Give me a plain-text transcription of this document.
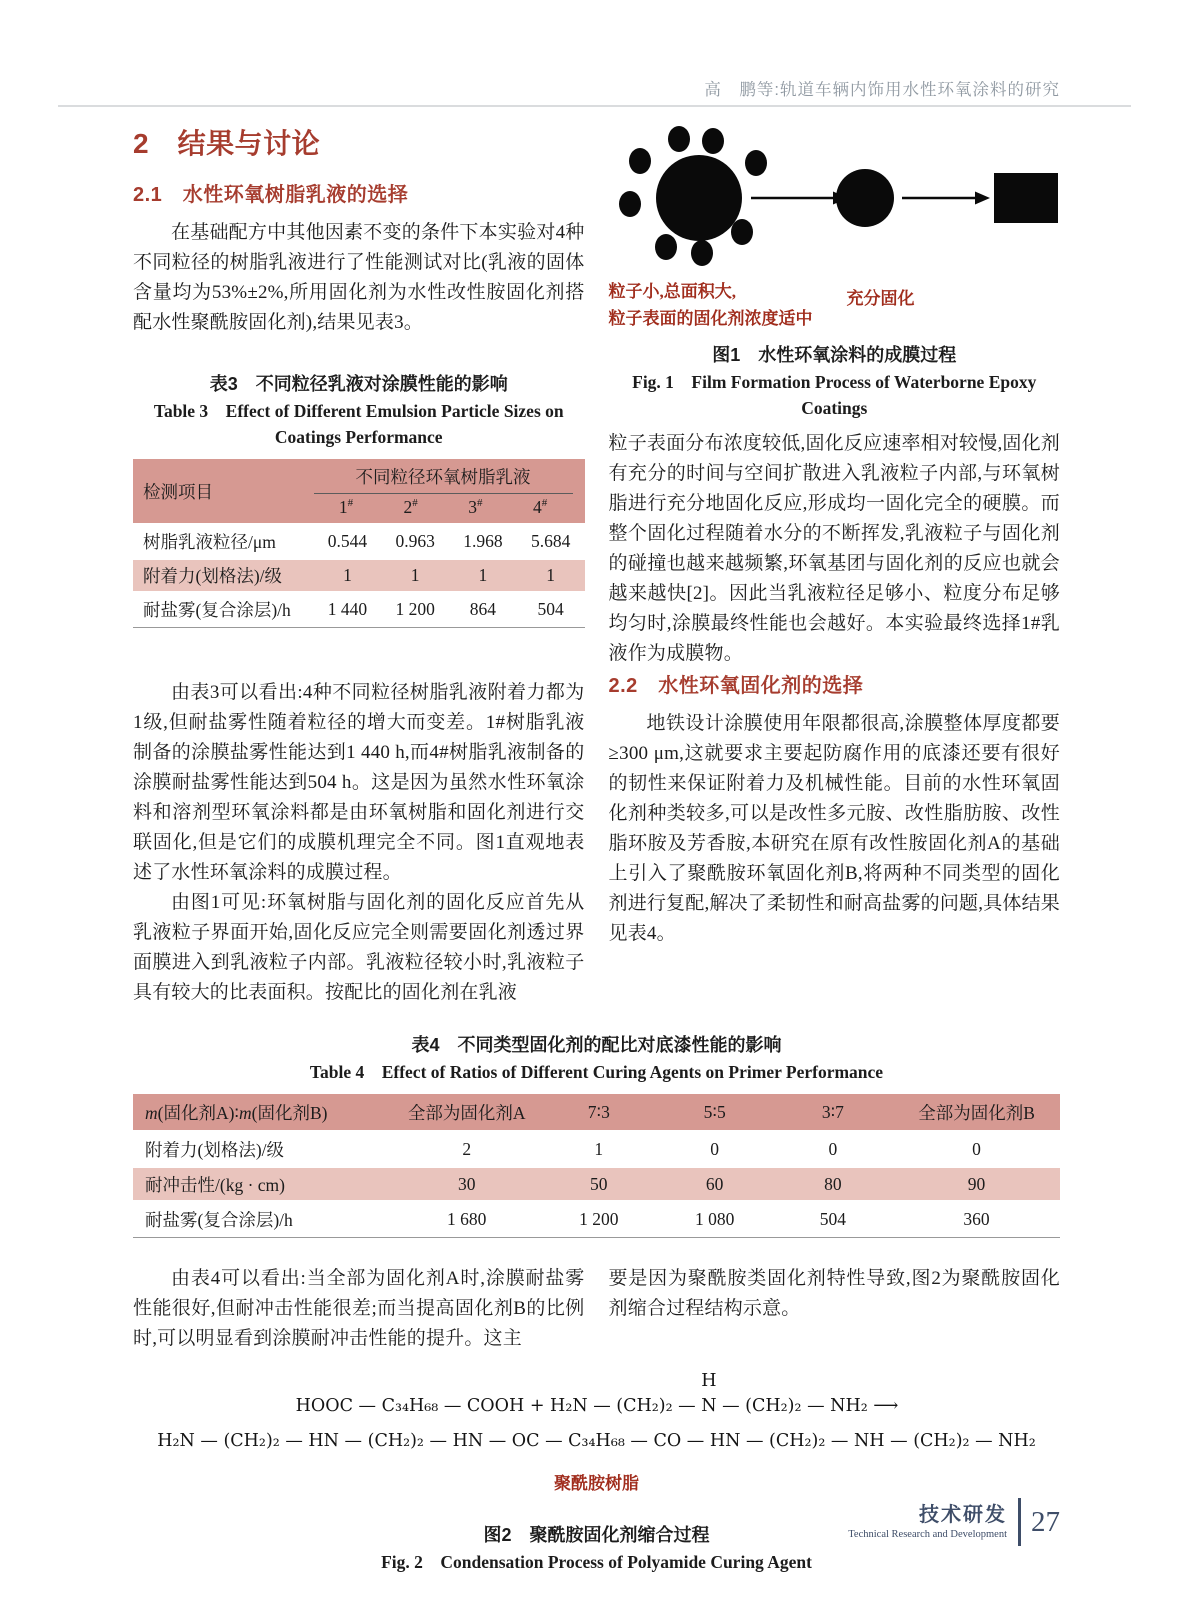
高　鹏等:轨道车辆内饰用水性环氧涂料的研究
2　结果与讨论
2.1　水性环氧树脂乳液的选择

在基础配方中其他因素不变的条件下本实验对4种不同粒径的树脂乳液进行了性能测试对比(乳液的固体含量均为53%±2%,所用固化剂为水性改性胺固化剂搭配水性聚酰胺固化剂),结果见表3。

表3　不同粒径乳液对涂膜性能的影响
Table 3　Effect of Different Emulsion Particle Sizes on
Coatings Performance
检测项目
不同粒径环氧树脂乳液
1#	2#	3#	4#
树脂乳液粒径/μm	0.544	0.963	1.968	5.684
附着力(划格法)/级	1	1	1	1
耐盐雾(复合涂层)/h	1 440	1 200	864	504

由表3可以看出:4种不同粒径树脂乳液附着力都为1级,但耐盐雾性随着粒径的增大而变差。1#树脂乳液制备的涂膜盐雾性能达到1 440 h,而4#树脂乳液制备的涂膜耐盐雾性能达到504 h。这是因为虽然水性环氧涂料和溶剂型环氧涂料都是由环氧树脂和固化剂进行交联固化,但是它们的成膜机理完全不同。图1直观地表述了水性环氧涂料的成膜过程。

由图1可见:环氧树脂与固化剂的固化反应首先从乳液粒子界面开始,固化反应完全则需要固化剂透过界面膜进入到乳液粒子内部。乳液粒径较小时,乳液粒子具有较大的比表面积。按配比的固化剂在乳液

粒子小,总面积大,
粒子表面的固化剂浓度适中
充分固化
图1　水性环氧涂料的成膜过程
Fig. 1　Film Formation Process of Waterborne Epoxy
Coatings

粒子表面分布浓度较低,固化反应速率相对较慢,固化剂有充分的时间与空间扩散进入乳液粒子内部,与环氧树脂进行充分地固化反应,形成均一固化完全的硬膜。而整个固化过程随着水分的不断挥发,乳液粒子与固化剂的碰撞也越来越频繁,环氧基团与固化剂的反应也就会越来越快[2]。因此当乳液粒径足够小、粒度分布足够均匀时,涂膜最终性能也会越好。本实验最终选择1#乳液作为成膜物。

2.2　水性环氧固化剂的选择

地铁设计涂膜使用年限都很高,涂膜整体厚度都要≥300 μm,这就要求主要起防腐作用的底漆还要有很好的韧性来保证附着力及机械性能。目前的水性环氧固化剂种类较多,可以是改性多元胺、改性脂肪胺、改性脂环胺及芳香胺,本研究在原有改性胺固化剂A的基础上引入了聚酰胺环氧固化剂B,将两种不同类型的固化剂进行复配,解决了柔韧性和耐高盐雾的问题,具体结果见表4。

表4　不同类型固化剂的配比对底漆性能的影响
Table 4　Effect of Ratios of Different Curing Agents on Primer Performance
m(固化剂A)∶m(固化剂B)	全部为固化剂A	7∶3	5∶5	3∶7	全部为固化剂B
附着力(划格法)/级	2	1	0	0	0
耐冲击性/(kg · cm)	30	50	60	80	90
耐盐雾(复合涂层)/h	1 680	1 200	1 080	504	360

由表4可以看出:当全部为固化剂A时,涂膜耐盐雾性能很好,但耐冲击性能很差;而当提高固化剂B的比例时,可以明显看到涂膜耐冲击性能的提升。这主

要是因为聚酰胺类固化剂特性导致,图2为聚酰胺固化剂缩合过程结构示意。

HOOC — C₃₄H₆₈ — COOH + H₂N — (CH₂)₂ —
H
N — (CH₂)₂ — NH₂ ⟶
H₂N — (CH₂)₂ — HN — (CH₂)₂ — HN — OC — C₃₄H₆₈ — CO — HN — (CH₂)₂ — NH — (CH₂)₂ — NH₂
聚酰胺树脂
图2　聚酰胺固化剂缩合过程
Fig. 2　Condensation Process of Polyamide Curing Agent
技术研发
Technical Research and Development 27
